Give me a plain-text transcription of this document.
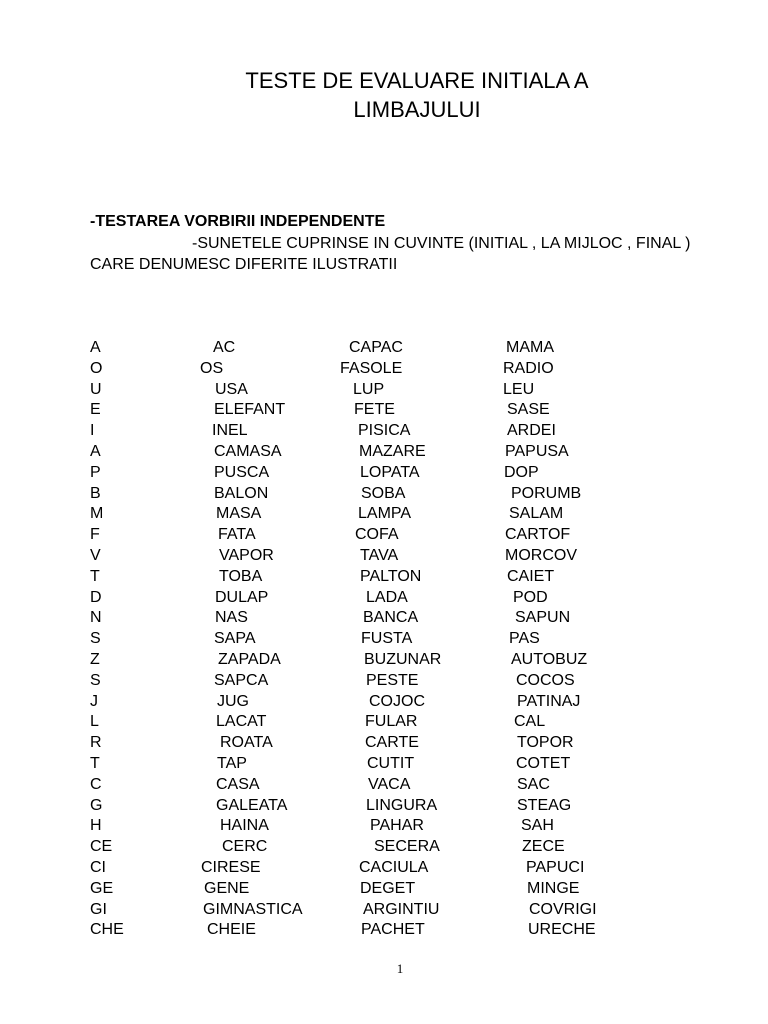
TESTE DE EVALUARE INITIALA A
LIMBAJULUI
-TESTAREA VORBIRII INDEPENDENTE
-SUNETELE CUPRINSE IN CUVINTE (INITIAL , LA MIJLOC , FINAL )
CARE DENUMESC DIFERITE ILUSTRATII
A	AC	CAPAC	MAMA
O	OS	FASOLE	RADIO
U	USA	LUP	LEU
E	ELEFANT	FETE	SASE
I	INEL	PISICA	ARDEI
A	CAMASA	MAZARE	PAPUSA
P	PUSCA	LOPATA	DOP
B	BALON	SOBA	PORUMB
M	MASA	LAMPA	SALAM
F	FATA	COFA	CARTOF
V	VAPOR	TAVA	MORCOV
T	TOBA	PALTON	CAIET
D	DULAP	LADA	POD
N	NAS	BANCA	SAPUN
S	SAPA	FUSTA	PAS
Z	ZAPADA	BUZUNAR	AUTOBUZ
S	SAPCA	PESTE	COCOS
J	JUG	COJOC	PATINAJ
L	LACAT	FULAR	CAL
R	ROATA	CARTE	TOPOR
T	TAP	CUTIT	COTET
C	CASA	VACA	SAC
G	GALEATA	LINGURA	STEAG
H	HAINA	PAHAR	SAH
CE	CERC	SECERA	ZECE
CI	CIRESE	CACIULA	PAPUCI
GE	GENE	DEGET	MINGE
GI	GIMNASTICA	ARGINTIU	COVRIGI
CHE	CHEIE	PACHET	URECHE
1
